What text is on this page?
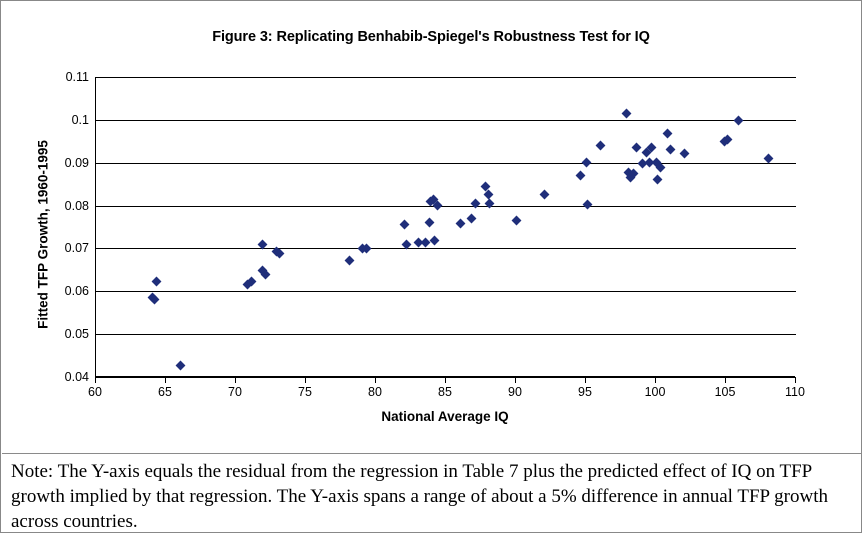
Figure 3: Replicating Benhabib-Spiegel's Robustness Test for IQ
Fitted TFP Growth, 1960-1995
National Average IQ
0.04
0.05
0.06
0.07
0.08
0.09
0.1
0.11
60	65	70	75	80	85	90	95	100	105	110
Note: The Y-axis equals the residual from the regression in Table 7 plus the predicted effect of IQ on TFP growth implied by that regression. The Y-axis spans a range of about a 5% difference in annual TFP growth across countries.
